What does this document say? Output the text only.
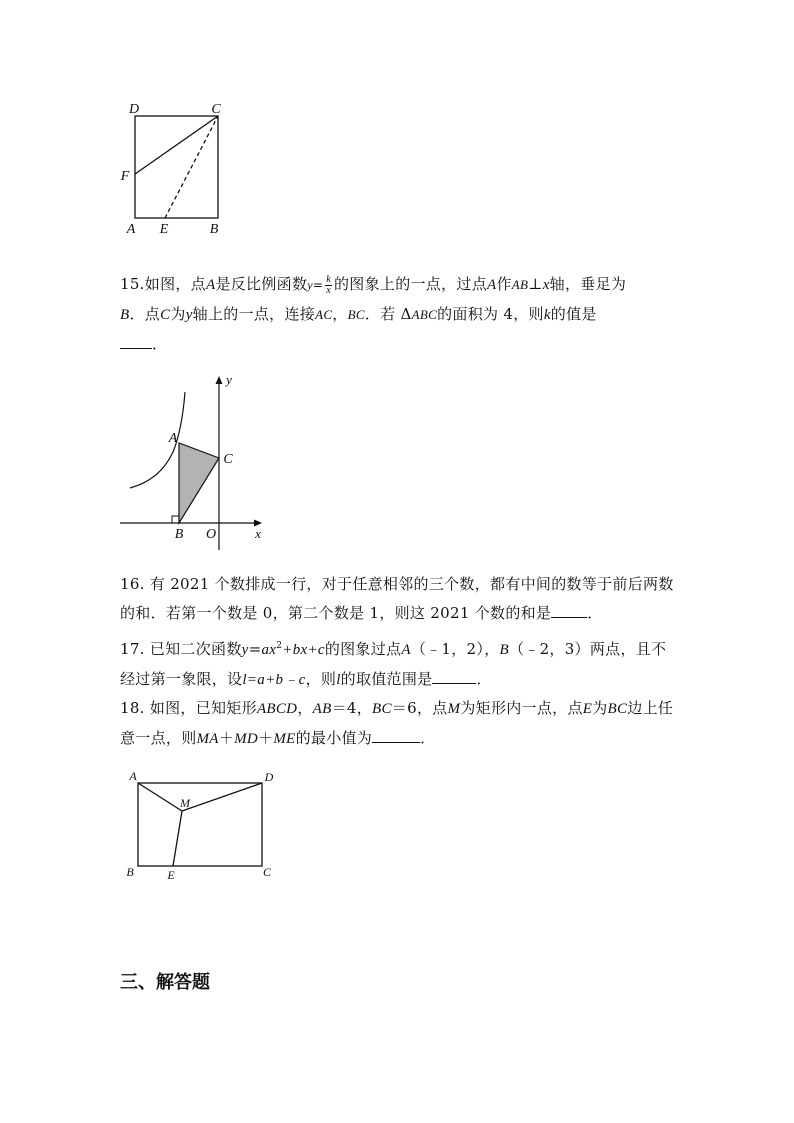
D	C
F
A E	B
15.如图，点A是反比例函数$y= \frac{k}{x}$ 的图象上的一点，过点A作AB⊥x轴，垂足为
B．点C为y轴上的一点，连接AC，BC．若 ΔABC的面积为 4，则k的值是
．
y
A
C
B O	x
16. 有 2021 个数排成一行，对于任意相邻的三个数，都有中间的数等于前后两数的和．若第一个数是 0，第二个数是 1，则这 2021 个数的和是 ．
17. 已知二次函数$y=ax^2+bx+c$的图象过点A（﹣1，2），B（﹣2，3）两点，且不经过第一象限，设l=a+b﹣c，则l的取值范围是	．
18. 如图，已知矩形ABCD，AB＝4，BC＝6，点M为矩形内一点，点E为BC边上任意一点，则MA＋MD＋ME的最小值为	．
A	D
M
B	E	C
三、解答题
